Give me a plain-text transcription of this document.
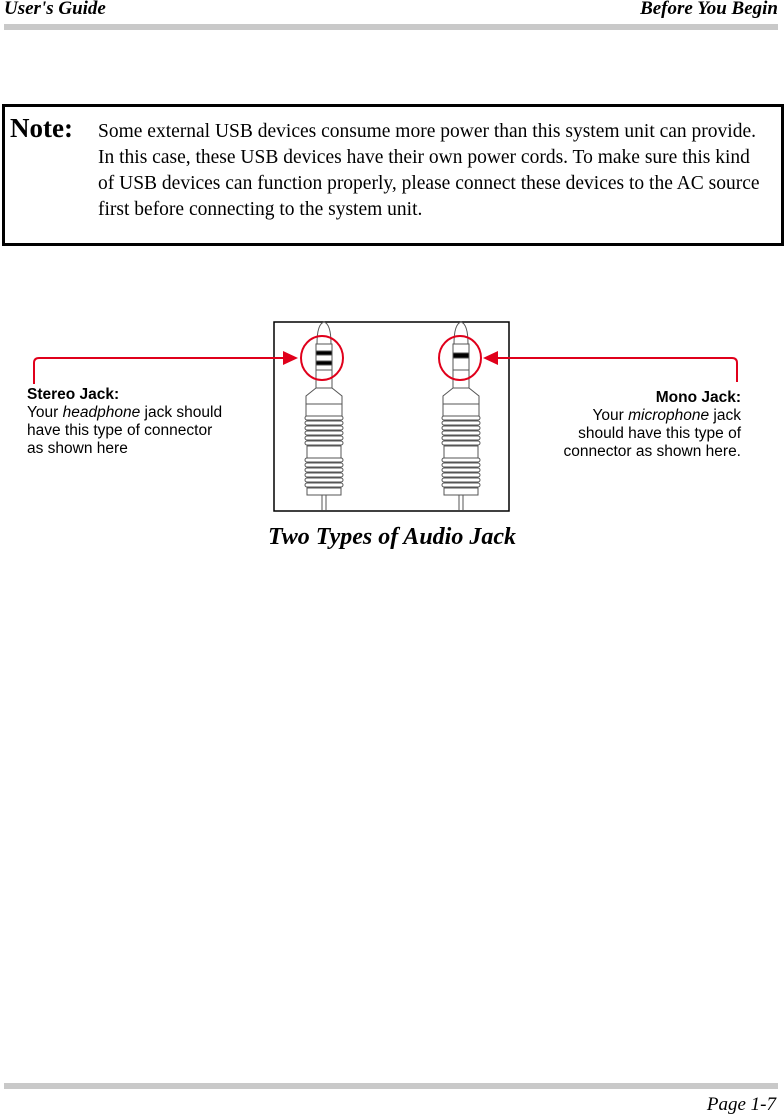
User's Guide	Before You Begin
Note: Some external USB devices consume more power than this system unit can provide. In this case, these USB devices have their own power cords. To make sure this kind of USB devices can function properly, please connect these devices to the AC source first before connecting to the system unit.
Stereo Jack:
Your headphone jack should
have this type of connector
as shown here
Mono Jack:
Your microphone jack
should have this type of
connector as shown here.
Two Types of Audio Jack
Page 1-7
